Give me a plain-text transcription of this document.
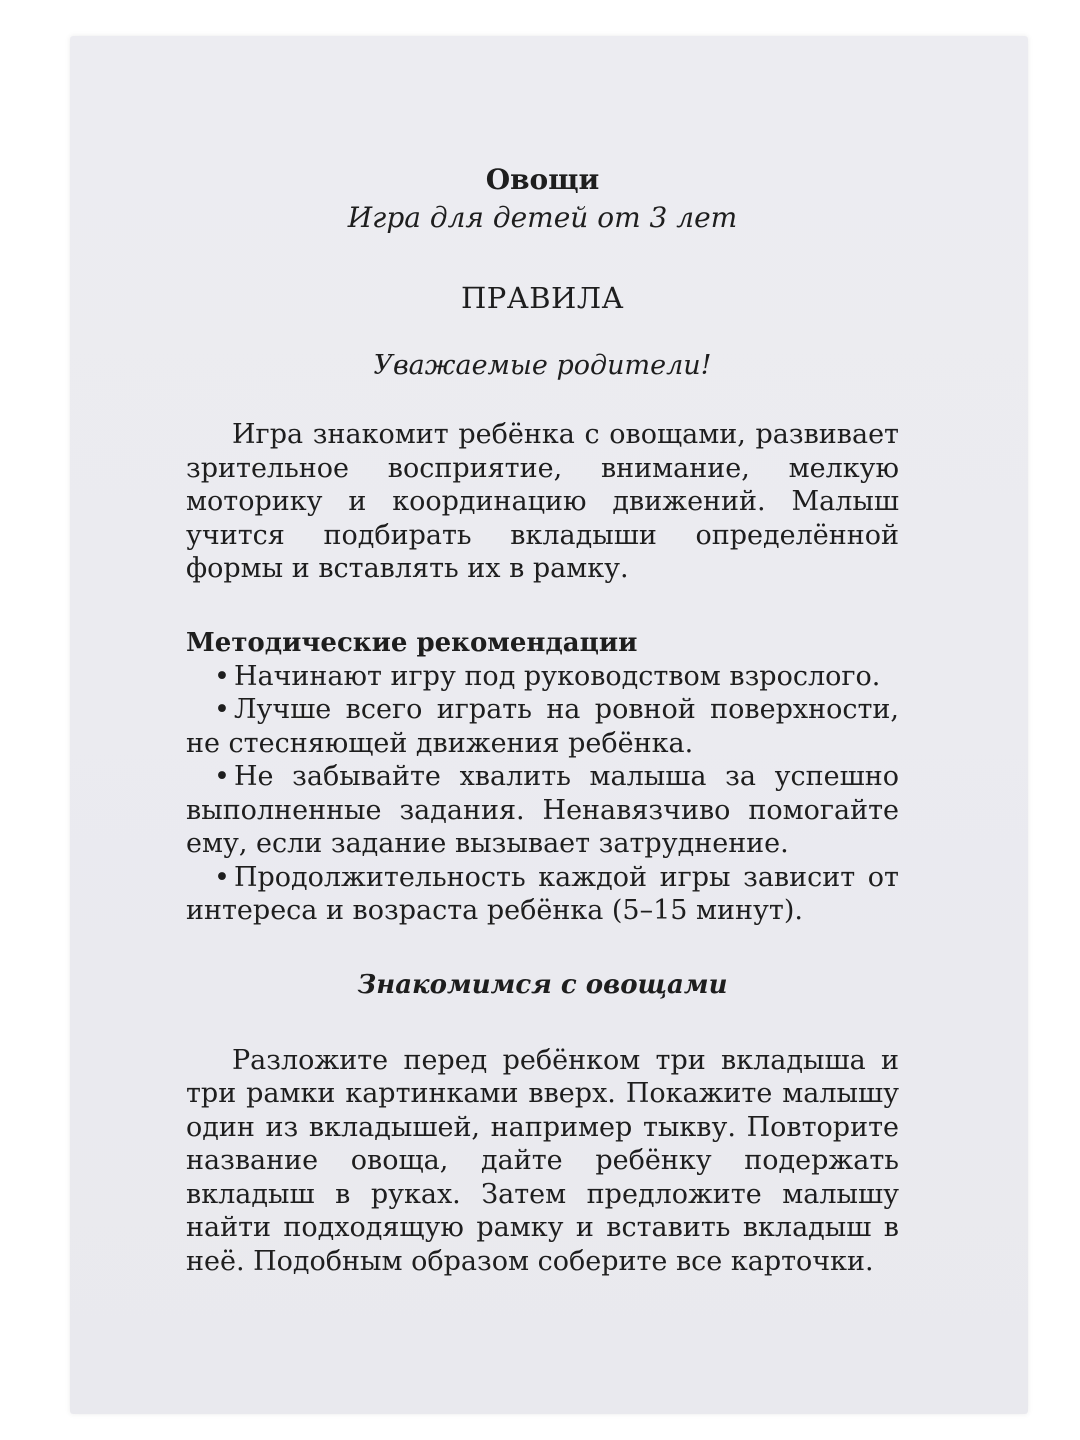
Овощи

Игра для детей от 3 лет

ПРАВИЛА

Уважаемые родители!

Игра знакомит ребёнка с овощами, развивает зрительное восприятие, внимание, мелкую моторику и координацию движений. Малыш учится подбирать вкладыши определённой формы и вставлять их в рамку.

Методические рекомендации

• Начинают игру под руководством взрослого.

• Лучше всего играть на ровной поверхности, не стесняющей движения ребёнка.

• Не забывайте хвалить малыша за успешно выполненные задания. Ненавязчиво помогайте ему, если задание вызывает затруднение.

• Продолжительность каждой игры зависит от интереса и возраста ребёнка (5–15 минут).

Знакомимся с овощами

Разложите перед ребёнком три вкладыша и три рамки картинками вверх. Покажите малышу один из вкладышей, например тыкву. Повторите название овоща, дайте ребёнку подержать вкладыш в руках. Затем предложите малышу найти подходящую рамку и вставить вкладыш в неё. Подобным образом соберите все карточки.
